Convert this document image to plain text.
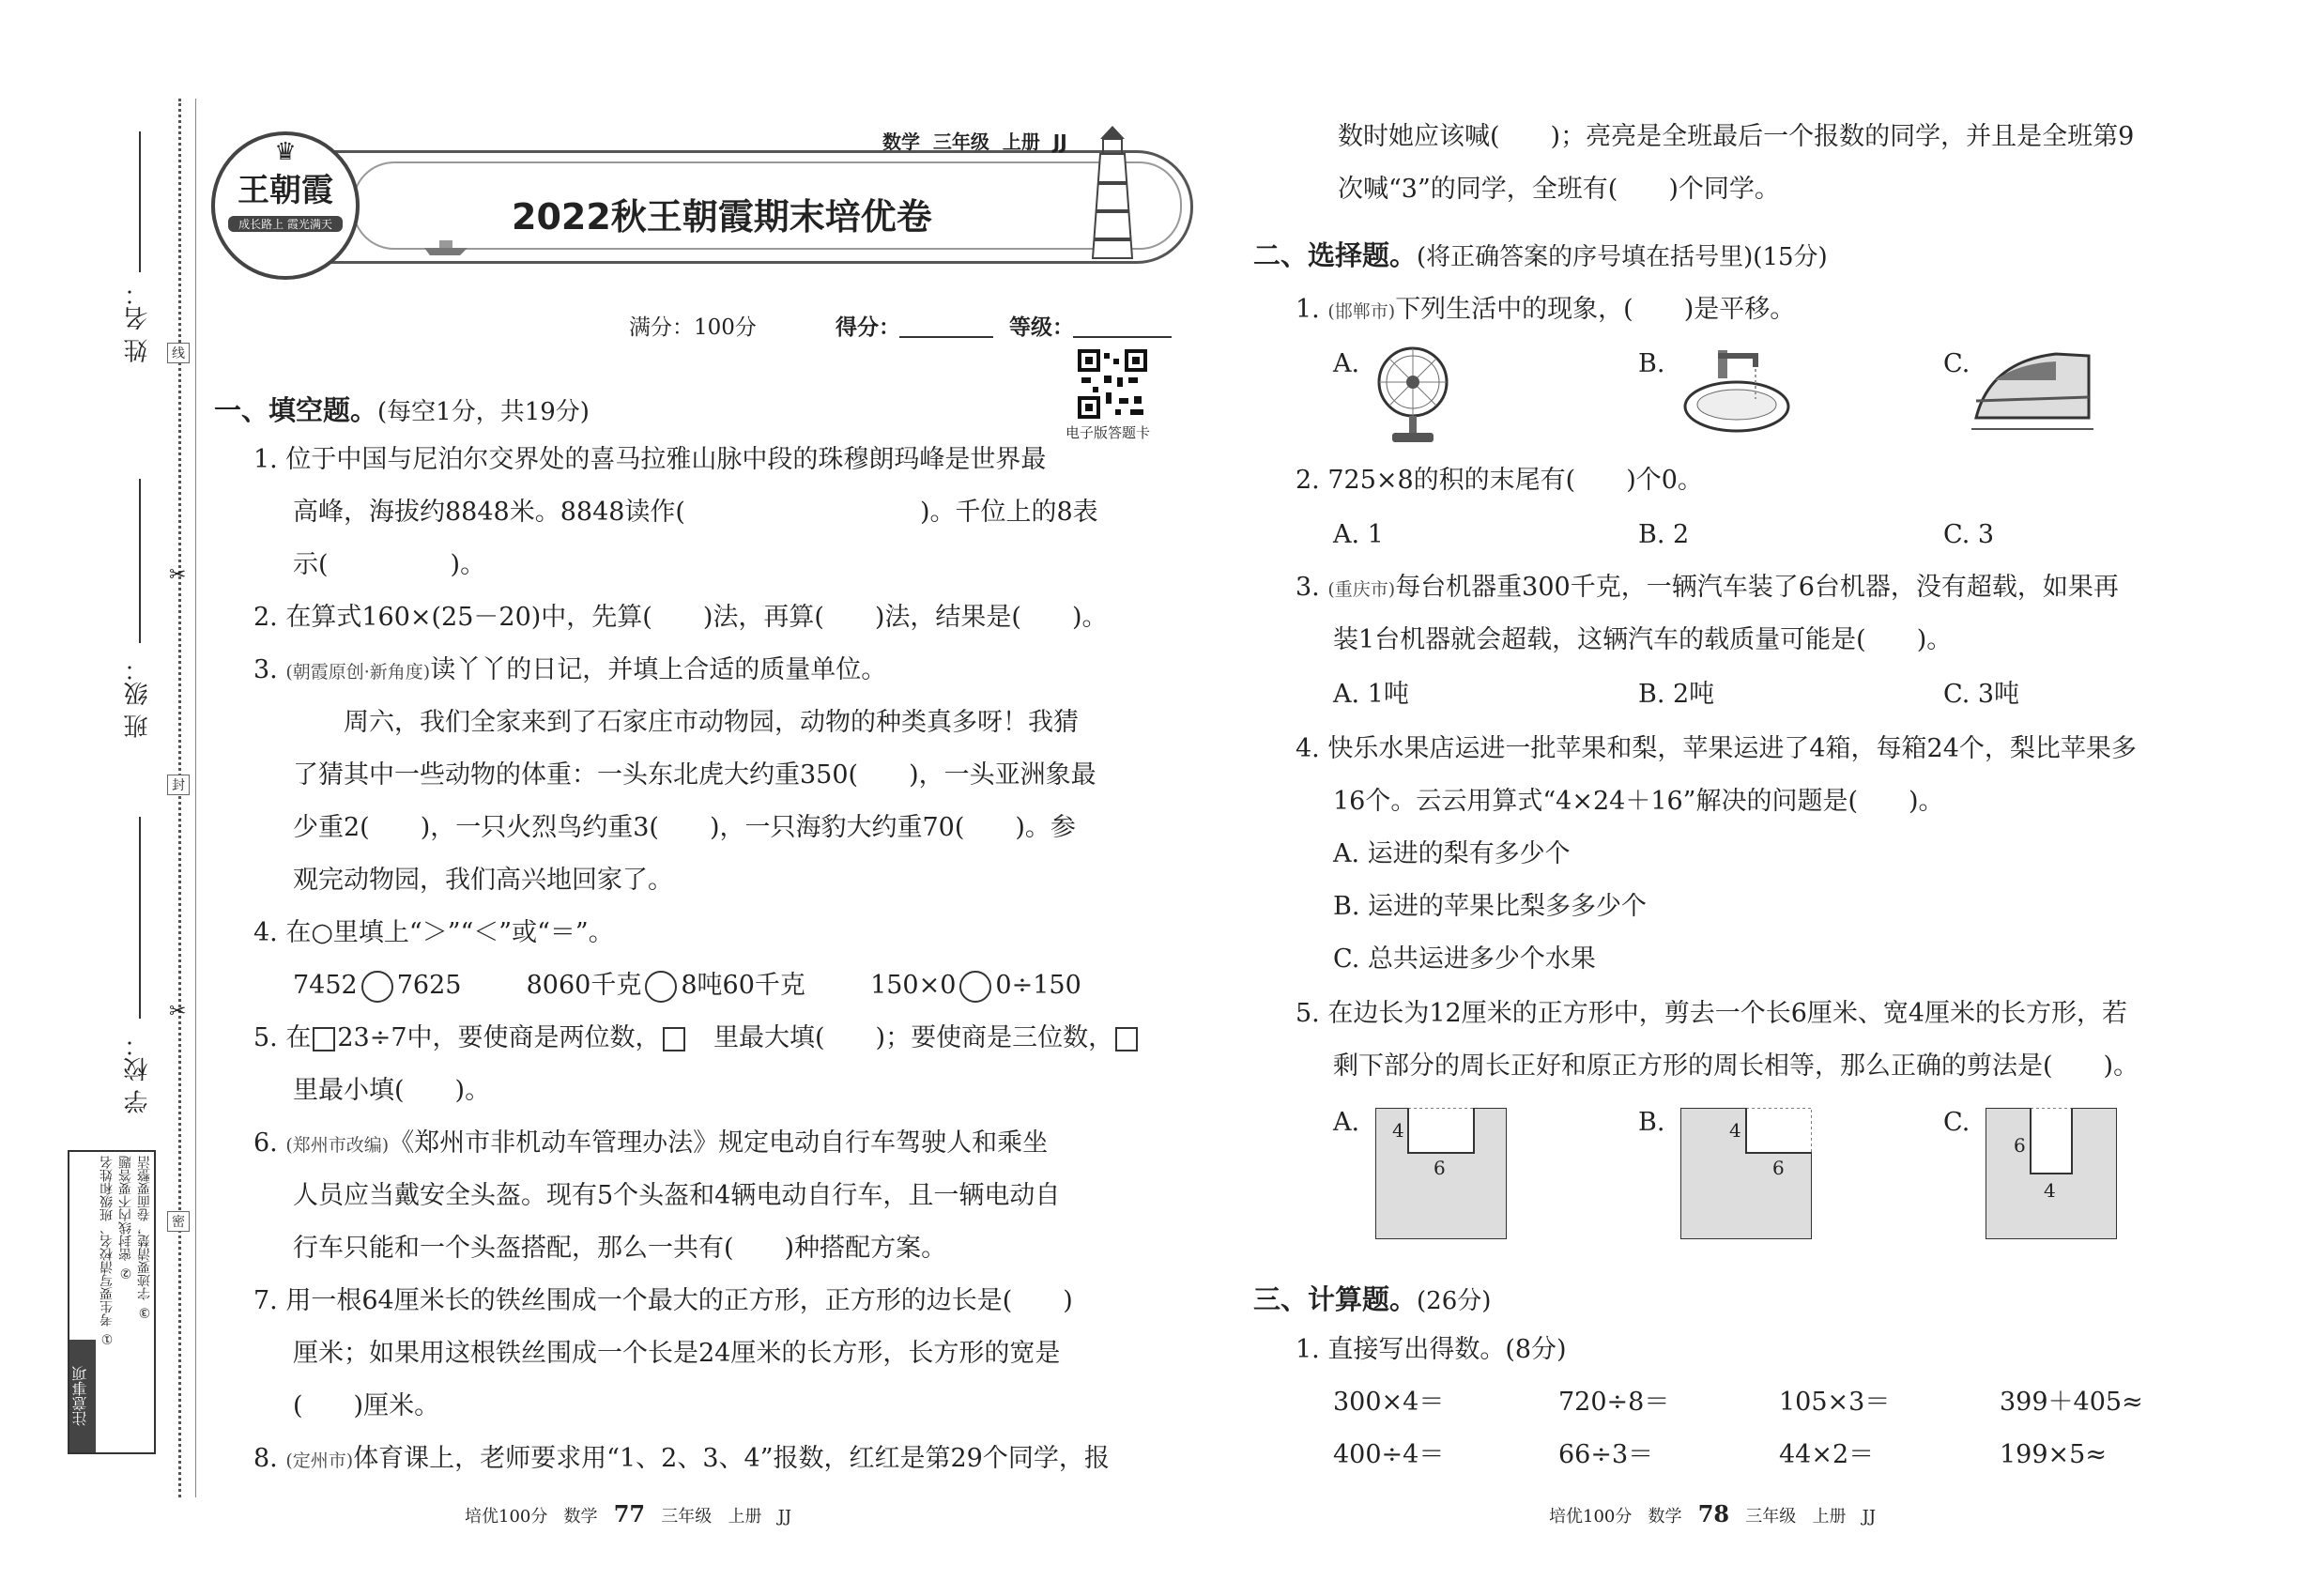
姓 名：
班 级：
学 校：
线
封
密
✂
✂
注意事项
① 考生要写清校名、班级和姓名 ② 密封线内不要答题 ③ 字迹要清楚，卷面要整洁
♛
王朝霞
成长路上 霞光满天
数学  三年级  上册  JJ
2022秋王朝霞期末培优卷
满分：100分	得分：	等级：
电子版答题卡
一、填空题。(每空1分，共19分)
1. 位于中国与尼泊尔交界处的喜马拉雅山脉中段的珠穆朗玛峰是世界最
高峰，海拔约8848米。8848读作(	)。千位上的8表
示(	)。
2. 在算式160×(25－20)中，先算(　　)法，再算(　　)法，结果是(　　)。
3. (朝霞原创·新角度)读丫丫的日记，并填上合适的质量单位。
周六，我们全家来到了石家庄市动物园，动物的种类真多呀！我猜
了猜其中一些动物的体重：一头东北虎大约重350(　　)，一头亚洲象最
少重2(　　)，一只火烈鸟约重3(　　)，一只海豹大约重70(　　)。参
观完动物园，我们高兴地回家了。
4. 在○里填上“＞”“＜”或“＝”。
7452 7625	8060千克 8吨60千克	150×0 0÷150
5. 在 23÷7中，要使商是两位数，
里最小填(　　)。
里最大填(　　)；要使商是三位数，
6. (郑州市改编)《郑州市非机动车管理办法》规定电动自行车驾驶人和乘坐
人员应当戴安全头盔。现有5个头盔和4辆电动自行车，且一辆电动自
行车只能和一个头盔搭配，那么一共有(　　)种搭配方案。
7. 用一根64厘米长的铁丝围成一个最大的正方形，正方形的边长是(　　)
厘米；如果用这根铁丝围成一个长是24厘米的长方形，长方形的宽是
(　　)厘米。
8. (定州市)体育课上，老师要求用“1、2、3、4”报数，红红是第29个同学，报
数时她应该喊(　　)；亮亮是全班最后一个报数的同学，并且是全班第9
次喊“3”的同学，全班有(　　)个同学。
二、选择题。(将正确答案的序号填在括号里)(15分)
1. (邯郸市)下列生活中的现象，(　　)是平移。
A.	B.	C.
2. 725×8的积的末尾有(　　)个0。
A. 1	B. 2	C. 3
3. (重庆市)每台机器重300千克，一辆汽车装了6台机器，没有超载，如果再
装1台机器就会超载，这辆汽车的载质量可能是(　　)。
A. 1吨	B. 2吨	C. 3吨
4. 快乐水果店运进一批苹果和梨，苹果运进了4箱，每箱24个，梨比苹果多
16个。云云用算式“4×24＋16”解决的问题是(　　)。
A. 运进的梨有多少个
B. 运进的苹果比梨多多少个
C. 总共运进多少个水果
5. 在边长为12厘米的正方形中，剪去一个长6厘米、宽4厘米的长方形，若
剩下部分的周长正好和原正方形的周长相等，那么正确的剪法是(　　)。
A.	B.	C.
4
6
4
6
6
4
三、计算题。(26分)
1. 直接写出得数。(8分)
300×4＝	720÷8＝	105×3＝	399＋405≈
400÷4＝	66÷3＝	44×2＝	199×5≈
培优100分 数学 77 三年级 上册 JJ	培优100分 数学 78 三年级 上册 JJ
